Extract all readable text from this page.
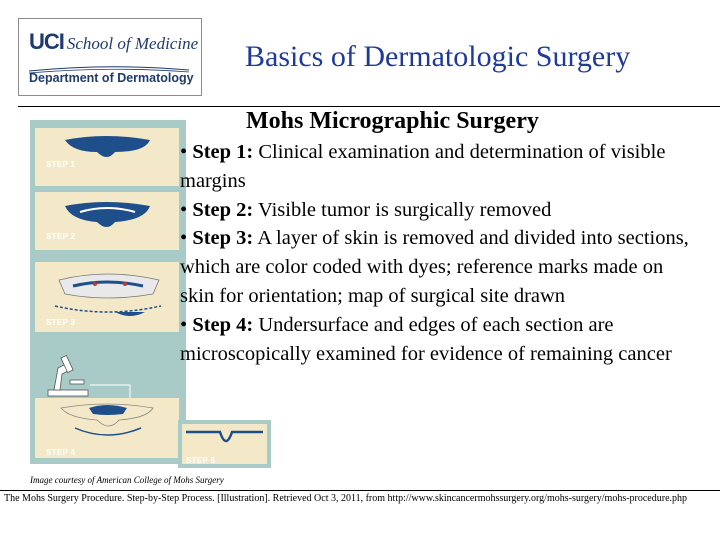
UCI School of Medicine
Department of Dermatology
Basics of Dermatologic Surgery
Mohs Micrographic Surgery
STEP 1
STEP 2
STEP 3
STEP 4
STEP 5

• Step 1: Clinical examination and determination of visible margins

• Step 2: Visible tumor is surgically removed

• Step 3: A layer of skin is removed and divided into sections, which are color coded with dyes; reference marks made on skin for orientation; map of surgical site drawn

• Step 4: Undersurface and edges of each section are microscopically examined for evidence of remaining cancer

Image courtesy of American College of Mohs Surgery
The Mohs Surgery Procedure. Step-by-Step Process. [Illustration]. Retrieved Oct 3, 2011, from http://www.skincancermohssurgery.org/mohs-surgery/mohs-procedure.php
